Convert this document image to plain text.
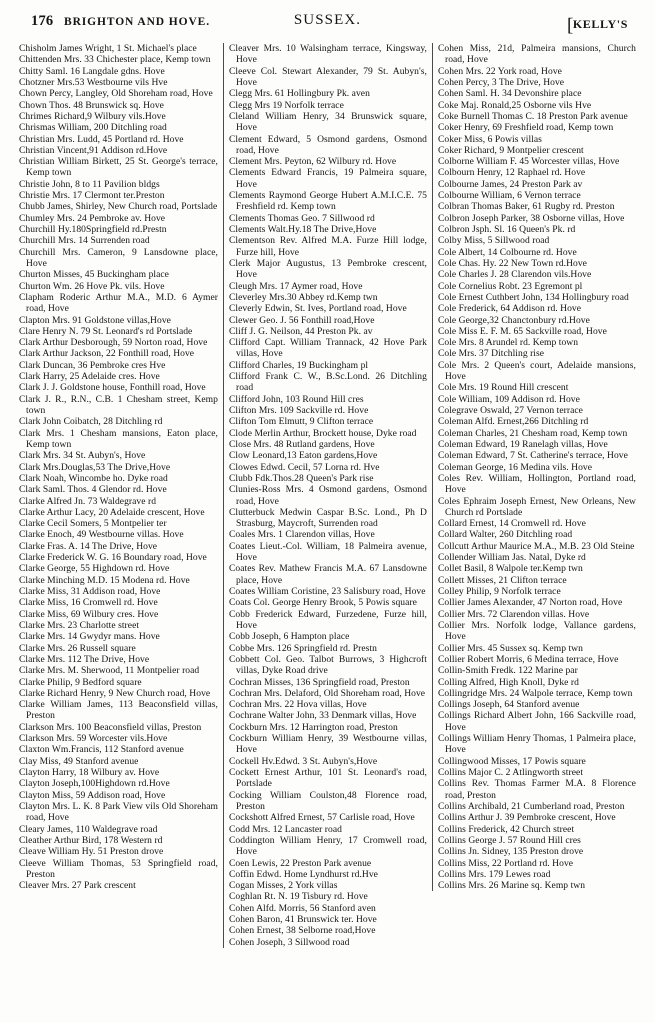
176 BRIGHTON AND HOVE.	SUSSEX.	[KELLY'S

Chisholm James Wright, 1 St. Michael's place

Chittenden Mrs. 33 Chichester place, Kemp town

Chitty Saml. 16 Langdale gdns. Hove

Chotzner Mrs.53 Westbourne vils Hve

Chown Percy, Langley, Old Shoreham road, Hove

Chown Thos. 48 Brunswick sq. Hove

Chrimes Richard,9 Wilbury vils.Hove

Chrismas William, 200 Ditchling road

Christian Mrs. Ludd, 45 Portland rd. Hove

Christian Vincent,91 Addison rd.Hove

Christian William Birkett, 25 St. George's terrace, Kemp town

Christie John, 8 to 11 Pavilion bldgs

Christie Mrs. 17 Clermont ter.Preston

Chubb James, Shirley, New Church road, Portslade

Chumley Mrs. 24 Pembroke av. Hove

Churchill Hy.180Springfield rd.Prestn

Churchill Mrs. 14 Surrenden road

Churchill Mrs. Cameron, 9 Lansdowne place, Hove

Churton Misses, 45 Buckingham place

Churton Wm. 26 Hove Pk. vils. Hove

Clapham Roderic Arthur M.A., M.D. 6 Aymer road, Hove

Clapton Mrs. 91 Goldstone villas,Hove

Clare Henry N. 79 St. Leonard's rd Portslade

Clark Arthur Desborough, 59 Norton road, Hove

Clark Arthur Jackson, 22 Fonthill road, Hove

Clark Duncan, 36 Pembroke cres Hve

Clark Harry, 25 Adelaide cres. Hove

Clark J. J. Goldstone house, Fonthill road, Hove

Clark J. R., R.N., C.B. 1 Chesham street, Kemp town

Clark John Coibatch, 28 Ditchling rd

Clark Mrs. 1 Chesham mansions, Eaton place, Kemp town

Clark Mrs. 34 St. Aubyn's, Hove

Clark Mrs.Douglas,53 The Drive,Hove

Clark Noah, Wincombe ho. Dyke road

Clark Saml. Thos. 4 Glendor rd. Hove

Clarke Alfred Jn. 73 Waldegrave rd

Clarke Arthur Lacy, 20 Adelaide crescent, Hove

Clarke Cecil Somers, 5 Montpelier ter

Clarke Enoch, 49 Westbourne villas. Hove

Clarke Fras. A. 14 The Drive, Hove

Clarke Frederick W. G. 16 Boundary road, Hove

Clarke George, 55 Highdown rd. Hove

Clarke Minching M.D. 15 Modena rd. Hove

Clarke Miss, 31 Addison road, Hove

Clarke Miss, 16 Cromwell rd. Hove

Clarke Miss, 69 Wilbury cres. Hove

Clarke Mrs. 23 Charlotte street

Clarke Mrs. 14 Gwydyr mans. Hove

Clarke Mrs. 26 Russell square

Clarke Mrs. 112 The Drive, Hove

Clarke Mrs. M. Sherwood, 11 Montpelier road

Clarke Philip, 9 Bedford square

Clarke Richard Henry, 9 New Church road, Hove

Clarke William James, 113 Beaconsfield villas, Preston

Clarkson Mrs. 100 Beaconsfield villas, Preston

Clarkson Mrs. 59 Worcester vils.Hove

Claxton Wm.Francis, 112 Stanford avenue

Clay Miss, 49 Stanford avenue

Clayton Harry, 18 Wilbury av. Hove

Clayton Joseph,100Highdown rd.Hove

Clayton Miss, 59 Addison road, Hove

Clayton Mrs. L. K. 8 Park View vils Old Shoreham road, Hove

Cleary James, 110 Waldegrave road

Cleather Arthur Bird, 178 Western rd

Cleave William Hy. 51 Preston drove

Cleeve William Thomas, 53 Springfield road, Preston

Cleaver Mrs. 27 Park crescent

Cleaver Mrs. 10 Walsingham terrace, Kingsway, Hove

Cleeve Col. Stewart Alexander, 79 St. Aubyn's, Hove

Clegg Mrs. 61 Hollingbury Pk. aven

Clegg Mrs 19 Norfolk terrace

Cleland William Henry, 34 Brunswick square, Hove

Clement Edward, 5 Osmond gardens, Osmond road, Hove

Clement Mrs. Peyton, 62 Wilbury rd. Hove

Clements Edward Francis, 19 Palmeira square, Hove

Clements Raymond George Hubert A.M.I.C.E. 75 Freshfield rd. Kemp town

Clements Thomas Geo. 7 Sillwood rd

Clements Walt.Hy.18 The Drive,Hove

Clementson Rev. Alfred M.A. Furze Hill lodge, Furze hill, Hove

Clerk Major Augustus, 13 Pembroke crescent, Hove

Cleugh Mrs. 17 Aymer road, Hove

Cleverley Mrs.30 Abbey rd.Kemp twn

Cleverly Edwin, St. Ives, Portland road, Hove

Clewer Geo. J. 56 Fonthill road,Hove

Cliff J. G. Neilson, 44 Preston Pk. av

Clifford Capt. William Trannack, 42 Hove Park villas, Hove

Clifford Charles, 19 Buckingham pl

Clifford Frank C. W., B.Sc.Lond. 26 Ditchling road

Clifford John, 103 Round Hill cres

Clifton Mrs. 109 Sackville rd. Hove

Clifton Tom Elmutt, 9 Clifton terrace

Clode Merlin Arthur, Brockett house, Dyke road

Close Mrs. 48 Rutland gardens, Hove

Clow Leonard,13 Eaton gardens,Hove

Clowes Edwd. Cecil, 57 Lorna rd. Hve

Clubb Fdk.Thos.28 Queen's Park rise

Clunies-Ross Mrs. 4 Osmond gardens, Osmond road, Hove

Clutterbuck Medwin Caspar B.Sc. Lond., Ph D Strasburg, Maycroft, Surrenden road

Coales Mrs. 1 Clarendon villas, Hove

Coates Lieut.-Col. William, 18 Palmeira avenue, Hove

Coates Rev. Mathew Francis M.A. 67 Lansdowne place, Hove

Coates William Coristine, 23 Salisbury road, Hove

Coats Col. George Henry Brook, 5 Powis square

Cobb Frederick Edward, Furzedene, Furze hill, Hove

Cobb Joseph, 6 Hampton place

Cobbe Mrs. 126 Springfield rd. Prestn

Cobbett Col. Geo. Talbot Burrows, 3 Highcroft villas, Dyke Road drive

Cochran Misses, 136 Springfield road, Preston

Cochran Mrs. Delaford, Old Shoreham road, Hove

Cochran Mrs. 22 Hova villas, Hove

Cochrane Walter John, 33 Denmark villas, Hove

Cockburn Mrs. 12 Harrington road, Preston

Cockburn William Henry, 39 Westbourne villas, Hove

Cockell Hv.Edwd. 3 St. Aubyn's,Hove

Cockett Ernest Arthur, 101 St. Leonard's road, Portslade

Cocking William Coulston,48 Florence road, Preston

Cockshott Alfred Ernest, 57 Carlisle road, Hove

Codd Mrs. 12 Lancaster road

Coddington William Henry, 17 Cromwell road, Hove

Coen Lewis, 22 Preston Park avenue

Coffin Edwd. Home Lyndhurst rd.Hve

Cogan Misses, 2 York villas

Coghlan Rt. N. 19 Tisbury rd. Hove

Cohen Alfd. Morris, 56 Stanford aven

Cohen Baron, 41 Brunswick ter. Hove

Cohen Ernest, 38 Selborne road,Hove

Cohen Joseph, 3 Sillwood road

Cohen Miss, 21d, Palmeira mansions, Church road, Hove

Cohen Mrs. 22 York road, Hove

Cohen Percy, 3 The Drive, Hove

Cohen Saml. H. 34 Devonshire place

Coke Maj. Ronald,25 Osborne vils Hve

Coke Burnell Thomas C. 18 Preston Park avenue

Coker Henry, 69 Freshfield road, Kemp town

Coker Miss, 6 Powis villas

Coker Richard, 9 Montpelier crescent

Colborne William F. 45 Worcester villas, Hove

Colbourn Henry, 12 Raphael rd. Hove

Colbourne James, 24 Preston Park av

Colbourne William, 6 Vernon terrace

Colbran Thomas Baker, 61 Rugby rd. Preston

Colbron Joseph Parker, 38 Osborne villas, Hove

Colbron Jsph. Sl. 16 Queen's Pk. rd

Colby Miss, 5 Sillwood road

Cole Albert, 14 Colbourne rd. Hove

Cole Chas. Hy. 22 New Town rd.Hove

Cole Charles J. 28 Clarendon vils.Hove

Cole Cornelius Robt. 23 Egremont pl

Cole Ernest Cuthbert John, 134 Hollingbury road

Cole Frederick, 64 Addison rd. Hove

Cole George,32 Chanctonbury rd.Hove

Cole Miss E. F. M. 65 Sackville road, Hove

Cole Mrs. 8 Arundel rd. Kemp town

Cole Mrs. 37 Ditchling rise

Cole Mrs. 2 Queen's court, Adelaide mansions, Hove

Cole Mrs. 19 Round Hill crescent

Cole William, 109 Addison rd. Hove

Colegrave Oswald, 27 Vernon terrace

Coleman Alfd. Ernest,266 Ditchling rd

Coleman Charles, 21 Chesham road, Kemp town

Coleman Edward, 19 Ranelagh villas, Hove

Coleman Edward, 7 St. Catherine's terrace, Hove

Coleman George, 16 Medina vils. Hove

Coles Rev. William, Hollington, Portland road, Hove

Coles Ephraim Joseph Ernest, New Orleans, New Church rd Portslade

Collard Ernest, 14 Cromwell rd. Hove

Collard Walter, 260 Ditchling road

Collcutt Arthur Maurice M.A., M.B. 23 Old Steine

Collender William Jas. Natal, Dyke rd

Collet Basil, 8 Walpole ter.Kemp twn

Collett Misses, 21 Clifton terrace

Colley Philip, 9 Norfolk terrace

Collier James Alexander, 47 Norton road, Hove

Collier Mrs. 72 Clarendon villas. Hove

Collier Mrs. Norfolk lodge, Vallance gardens, Hove

Collier Mrs. 45 Sussex sq. Kemp twn

Collier Robert Morris, 6 Medina terrace, Hove

Collin-Smith Fredk. 122 Marine par

Colling Alfred, High Knoll, Dyke rd

Collingridge Mrs. 24 Walpole terrace, Kemp town

Collings Joseph, 64 Stanford avenue

Collings Richard Albert John, 166 Sackville road, Hove

Collings William Henry Thomas, 1 Palmeira place, Hove

Collingwood Misses, 17 Powis square

Collins Major C. 2 Atlingworth street

Collins Rev. Thomas Farmer M.A. 8 Florence road, Preston

Collins Archibald, 21 Cumberland road, Preston

Collins Arthur J. 39 Pembroke crescent, Hove

Collins Frederick, 42 Church street

Collins George J. 57 Round Hill cres

Collins Jn. Sidney, 135 Preston drove

Collins Miss, 22 Portland rd. Hove

Collins Mrs. 179 Lewes road

Collins Mrs. 26 Marine sq. Kemp twn
